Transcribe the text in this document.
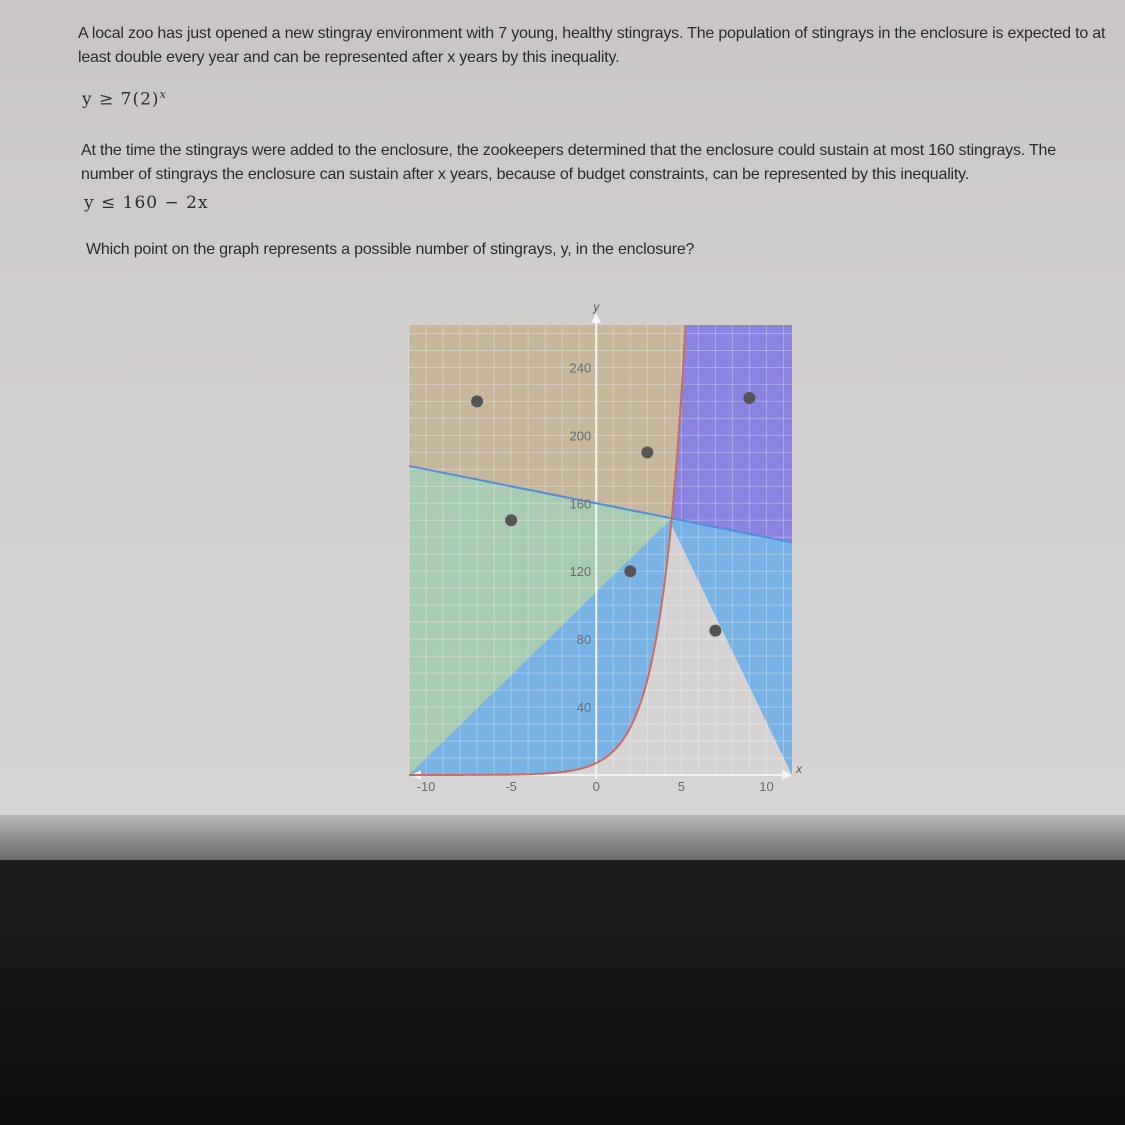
A local zoo has just opened a new stingray environment with 7 young, healthy stingrays. The population of stingrays in the enclosure is expected to at least double every year and can be represented after x years by this inequality.

$y \ge 7(2)^x$

At the time the stingrays were added to the enclosure, the zookeepers determined that the enclosure could sustain at most 160 stingrays. The number of stingrays the enclosure can sustain after x years, because of budget constraints, can be represented by this inequality.

y ≤ 160 − 2x

Which point on the graph represents a possible number of stingrays, y, in the enclosure?

-10	-5	0	5	10
40
80
120
160
200
240
x
y
